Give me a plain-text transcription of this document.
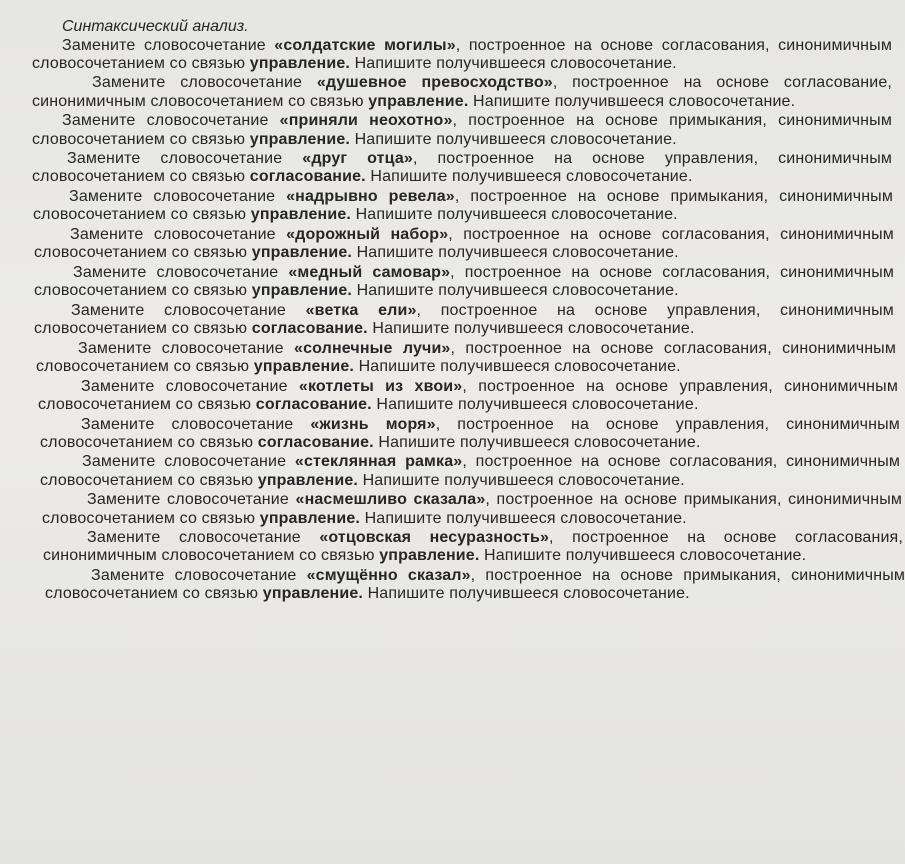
Синтаксический анализ.

Замените словосочетание «солдатские могилы», построенное на основе согласования, синонимичным словосочетанием со связью управление. Напишите получившееся словосочетание.

Замените словосочетание «душевное превосходство», построенное на основе согласование, синонимичным словосочетанием со связью управление. Напишите получившееся словосочетание.

Замените словосочетание «приняли неохотно», построенное на основе примыкания, синонимичным словосочетанием со связью управление. Напишите получившееся словосочетание.

Замените словосочетание «друг отца», построенное на основе управления, синонимичным словосочетанием со связью согласование. Напишите получившееся словосочетание.

Замените словосочетание «надрывно ревела», построенное на основе примыкания, синонимичным словосочетанием со связью управление. Напишите получившееся словосочетание.

Замените словосочетание «дорожный набор», построенное на основе согласования, синонимичным словосочетанием со связью управление. Напишите получившееся словосочетание.

Замените словосочетание «медный самовар», построенное на основе согласования, синонимичным словосочетанием со связью управление. Напишите получившееся словосочетание.

Замените словосочетание «ветка ели», построенное на основе управления, синонимичным словосочетанием со связью согласование. Напишите получившееся словосочетание.

Замените словосочетание «солнечные лучи», построенное на основе согласования, синонимичным словосочетанием со связью управление. Напишите получившееся словосочетание.

Замените словосочетание «котлеты из хвои», построенное на основе управления, синонимичным словосочетанием со связью согласование. Напишите получившееся словосочетание.

Замените словосочетание «жизнь моря», построенное на основе управления, синонимичным словосочетанием со связью согласование. Напишите получившееся словосочетание.

Замените словосочетание «стеклянная рамка», построенное на основе согласования, синонимичным словосочетанием со связью управление. Напишите получившееся словосочетание.

Замените словосочетание «насмешливо сказала», построенное на основе примыкания, синонимичным словосочетанием со связью управление. Напишите получившееся словосочетание.

Замените словосочетание «отцовская несуразность», построенное на основе согласования, синонимичным словосочетанием со связью управление. Напишите получившееся словосочетание.

Замените словосочетание «смущённо сказал», построенное на основе примыкания, синонимичным словосочетанием со связью управление. Напишите получившееся словосочетание.
